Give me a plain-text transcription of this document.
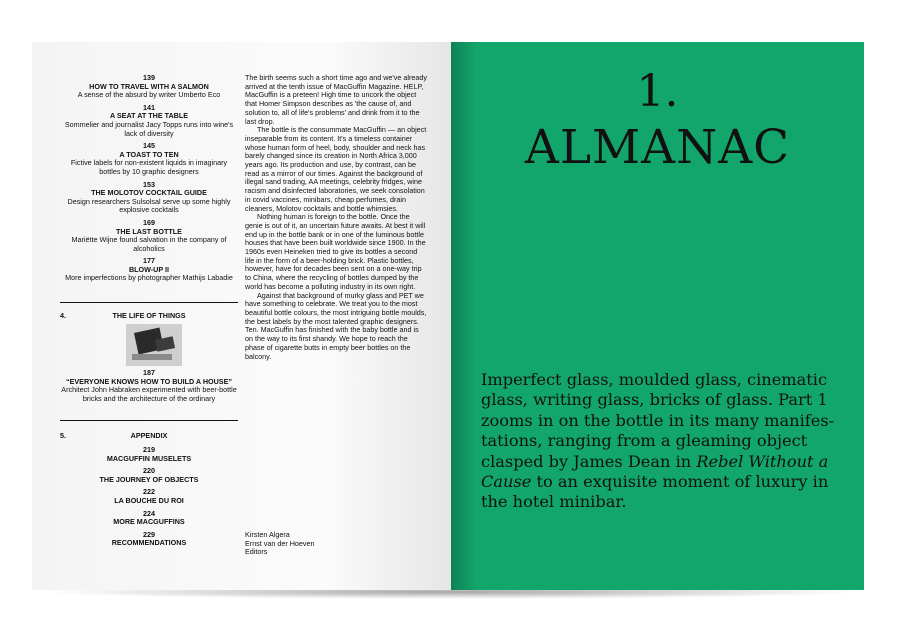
139
HOW TO TRAVEL WITH A SALMON
A sense of the absurd by writer Umberto Eco
141
A SEAT AT THE TABLE
Sommelier and journalist Jacy Topps runs into wine's lack of diversity
145
A TOAST TO TEN
Fictive labels for non-existent liquids in imaginary bottles by 10 graphic designers
153
THE MOLOTOV COCKTAIL GUIDE
Design researchers Sulsolsal serve up some highly explosive cocktails
169
THE LAST BOTTLE
Mariëtte Wijne found salvation in the company of alcoholics
177
BLOW-UP II
More imperfections by photographer Mathijs Labadie
4.	THE LIFE OF THINGS
187
“EVERYONE KNOWS HOW TO BUILD A HOUSE”
Architect John Habraken experimented with beer-bottle bricks and the architecture of the ordinary
5.	APPENDIX
219
MACGUFFIN MUSELETS
220
THE JOURNEY OF OBJECTS
222
LA BOUCHE DU ROI
224
MORE MACGUFFINS
229
RECOMMENDATIONS

The birth seems such a short time ago and we've already arrived at the tenth issue of MacGuffin Magazine. HELP, MacGuffin is a preteen! High time to uncork the object that Homer Simpson describes as 'the cause of, and solution to, all of life's problems' and drink from it to the last drop.

The bottle is the consummate MacGuffin — an object inseparable from its content. It's a timeless container whose human form of heel, body, shoulder and neck has barely changed since its creation in North Africa 3,000 years ago. Its production and use, by contrast, can be read as a mirror of our times. Against the background of illegal sand trading, AA meetings, celebrity fridges, wine racism and disinfected laboratories, we seek consolation in covid vaccines, minibars, cheap perfumes, drain cleaners, Molotov cocktails and bottle whimsies.

Nothing human is foreign to the bottle. Once the genie is out of it, an uncertain future awaits. At best it will end up in the bottle bank or in one of the luminous bottle houses that have been built worldwide since 1900. In the 1960s even Heineken tried to give its bottles a second life in the form of a beer-holding brick. Plastic bottles, however, have for decades been sent on a one-way trip to China, where the recycling of bottles dumped by the world has become a polluting industry in its own right.

Against that background of murky glass and PET we have something to celebrate. We treat you to the most beautiful bottle colours, the most intriguing bottle moulds, the best labels by the most talented graphic designers. Ten. MacGuffin has finished with the baby bottle and is on the way to its first shandy. We hope to reach the phase of cigarette butts in empty beer bottles on the balcony.

Kirsten Algera
Ernst van der Hoeven
Editors
1.
ALMANAC
Imperfect glass, moulded glass, cinematic glass, writing glass, bricks of glass. Part 1 zooms in on the bottle in its many manifes-tations, ranging from a gleaming object clasped by James Dean in Rebel Without a Cause to an exquisite moment of luxury in the hotel minibar.
